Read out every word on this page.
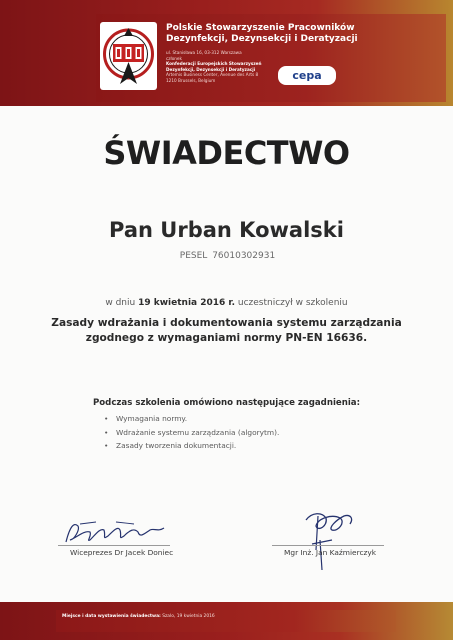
Polskie Stowarzyszenie Pracowników
Dezynfekcji, Dezynsekcji i Deratyzacji
ul. Stanisława 16, 03-312 Warszawa
członek
Konfederacji Europejskich Stowarzyszeń
Dezynfekcji, Dezynsekcji i Deratyzacji
Artemis Business Center, Avenue des Arts 8
1210 Brussels, Belgium	cepa
ŚWIADECTWO
Pan Urban Kowalski
PESEL 76010302931
w dniu 19 kwietnia 2016 r. uczestniczył w szkoleniu
Zasady wdrażania i dokumentowania systemu zarządzania
zgodnego z wymaganiami normy PN-EN 16636.
Podczas szkolenia omówiono następujące zagadnienia:
• Wymagania normy.
• Wdrażanie systemu zarządzania (algorytm).
• Zasady tworzenia dokumentacji.
Wiceprezes Dr Jacek Doniec	Mgr Inż. Jan Kaźmierczyk
Miejsce i data wystawienia świadectwa: Szalo, 19 kwietnia 2016
